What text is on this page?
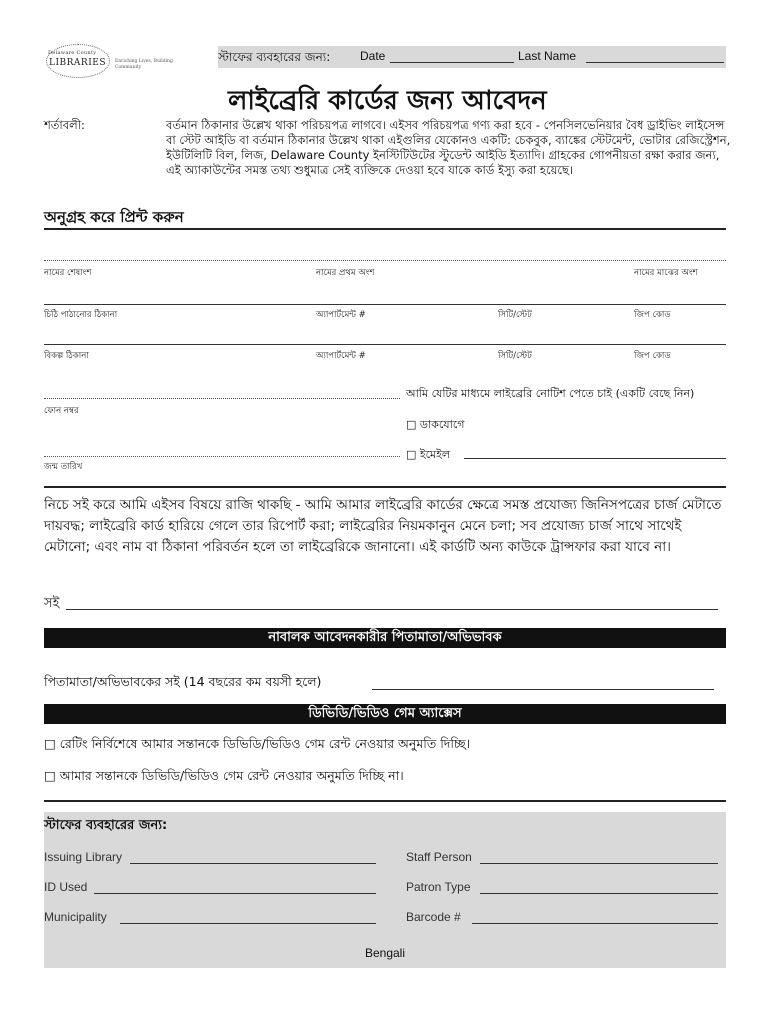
Delaware County
LIBRARIES Enriching Lives, Building Community
স্টাফের ব্যবহারের জন্য: Date	Last Name
লাইব্রেরি কার্ডের জন্য আবেদন
শর্তাবলী:	বর্তমান ঠিকানার উল্লেখ থাকা পরিচয়পত্র লাগবে। এইসব পরিচয়পত্র গণ্য করা হবে - পেনসিলভেনিয়ার বৈধ ড্রাইভিং লাইসেন্স বা স্টেট আইডি বা বর্তমান ঠিকানার উল্লেখ থাকা এইগুলির যেকোনও একটি: চেকবুক, ব্যাঙ্কের স্টেটমেন্ট, ভোটার রেজিস্ট্রেশন, ইউটিলিটি বিল, লিজ, Delaware County ইনস্টিটিউটের স্টুডেন্ট আইডি ইত্যাদি। গ্রাহকের গোপনীয়তা রক্ষা করার জন্য, এই অ্যাকাউন্টের সমস্ত তথ্য শুধুমাত্র সেই ব্যক্তিকে দেওয়া হবে যাকে কার্ড ইস্যু করা হয়েছে।
অনুগ্রহ করে প্রিন্ট করুন
নামের শেষাংশ	নামের প্রথম অংশ	নামের মাঝের অংশ
চিঠি পাঠানোর ঠিকানা	অ্যাপার্টমেন্ট #	সিটি/স্টেট	জিপ কোড
বিকল্প ঠিকানা	অ্যাপার্টমেন্ট #	সিটি/স্টেট	জিপ কোড
ফোন নম্বর
আমি যেটির মাধ্যমে লাইব্রেরি নোটিশ পেতে চাই (একটি বেছে নিন)
□ ডাকযোগে
□ ইমেইল
জন্ম তারিখ
নিচে সই করে আমি এইসব বিষয়ে রাজি থাকছি - আমি আমার লাইব্রেরি কার্ডের ক্ষেত্রে সমস্ত প্রযোজ্য জিনিসপত্রের চার্জ মেটাতে দায়বদ্ধ; লাইব্রেরি কার্ড হারিয়ে গেলে তার রিপোর্ট করা; লাইব্রেরির নিয়মকানুন মেনে চলা; সব প্রযোজ্য চার্জ সাথে সাথেই মেটানো; এবং নাম বা ঠিকানা পরিবর্তন হলে তা লাইব্রেরিকে জানানো। এই কার্ডটি অন্য কাউকে ট্রান্সফার করা যাবে না।
সই
নাবালক আবেদনকারীর পিতামাতা/অভিভাবক
পিতামাতা/অভিভাবকের সই (14 বছরের কম বয়সী হলে)
ডিভিডি/ভিডিও গেম অ্যাক্সেস
□ রেটিং নির্বিশেষে আমার সন্তানকে ডিভিডি/ভিডিও গেম রেন্ট নেওয়ার অনুমতি দিচ্ছি।
□ আমার সন্তানকে ডিভিডি/ভিডিও গেম রেন্ট নেওয়ার অনুমতি দিচ্ছি না।
স্টাফের ব্যবহারের জন্য:
Issuing Library	Staff Person
ID Used	Patron Type
Municipality	Barcode #
Bengali
